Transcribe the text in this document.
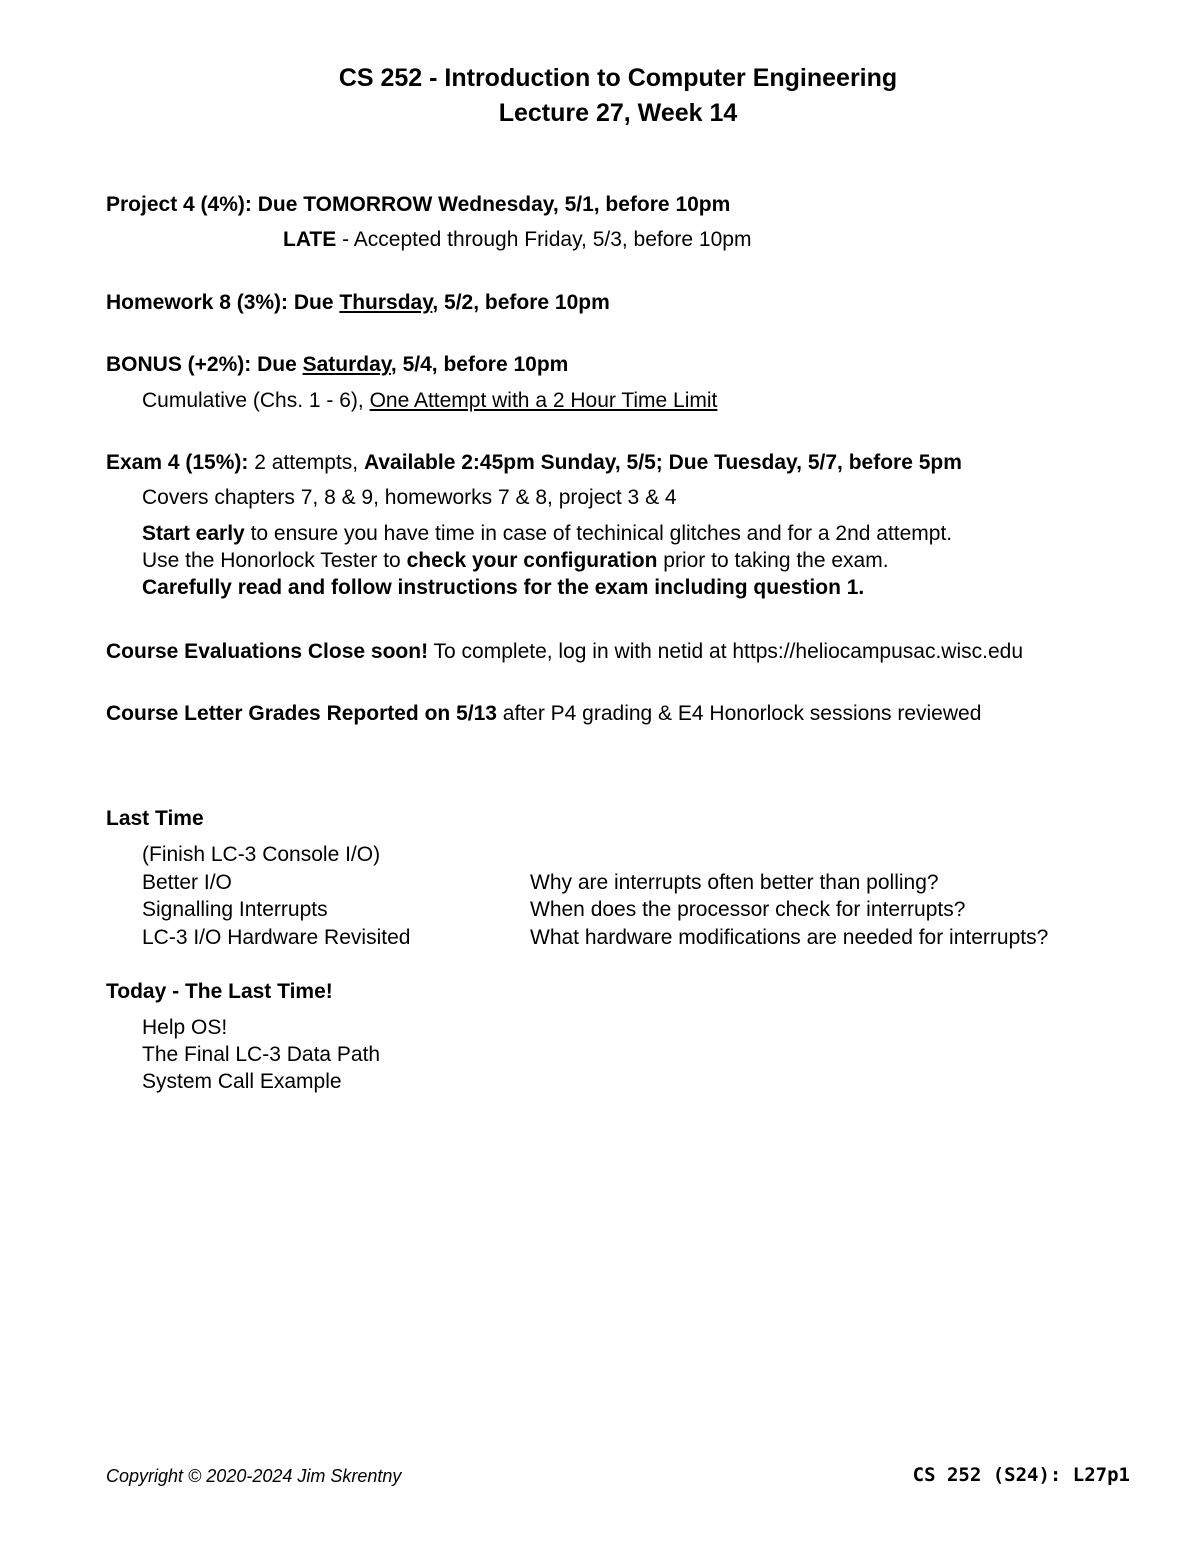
CS 252 - Introduction to Computer Engineering
Lecture 27, Week 14
Project 4 (4%): Due TOMORROW Wednesday, 5/1, before 10pm
LATE - Accepted through Friday, 5/3, before 10pm
Homework 8 (3%): Due Thursday, 5/2, before 10pm
BONUS (+2%): Due Saturday, 5/4, before 10pm
Cumulative (Chs. 1 - 6), One Attempt with a 2 Hour Time Limit
Exam 4 (15%): 2 attempts, Available 2:45pm Sunday, 5/5; Due Tuesday, 5/7, before 5pm
Covers chapters 7, 8 & 9, homeworks 7 & 8, project 3 & 4
Start early to ensure you have time in case of techinical glitches and for a 2nd attempt.
Use the Honorlock Tester to check your configuration prior to taking the exam.
Carefully read and follow instructions for the exam including question 1.
Course Evaluations Close soon! To complete, log in with netid at https://heliocampusac.wisc.edu
Course Letter Grades Reported on 5/13 after P4 grading & E4 Honorlock sessions reviewed
Last Time
(Finish LC-3 Console I/O)
Better I/O
Signalling Interrupts
LC-3 I/O Hardware Revisited
Why are interrupts often better than polling?
When does the processor check for interrupts?
What hardware modifications are needed for interrupts?
Today - The Last Time!
Help OS!
The Final LC-3 Data Path
System Call Example
Copyright © 2020-2024 Jim Skrentny	CS 252 (S24): L27p1
